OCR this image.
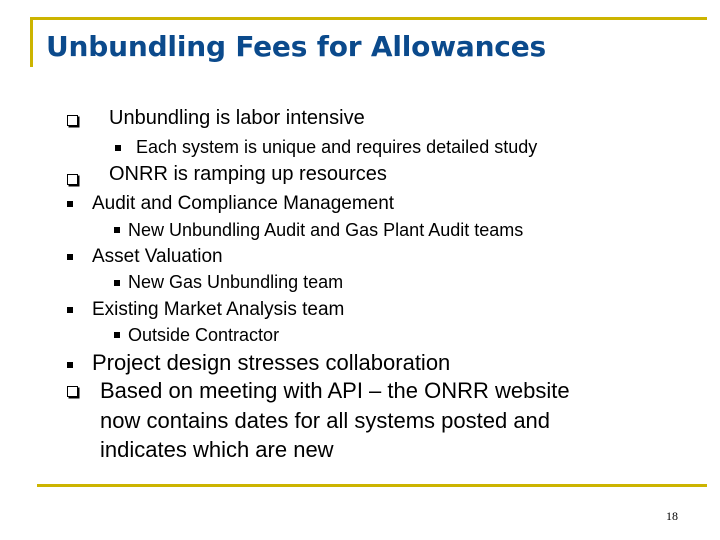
Unbundling Fees for Allowances
Unbundling is labor intensive
Each system is unique and requires detailed study
ONRR is ramping up resources
Audit and Compliance Management
New Unbundling Audit and Gas Plant Audit teams
Asset Valuation
New Gas Unbundling team
Existing Market Analysis team
Outside Contractor
Project design stresses collaboration
Based on meeting with API – the ONRR website
now contains dates for all systems posted and
indicates which are new
18
